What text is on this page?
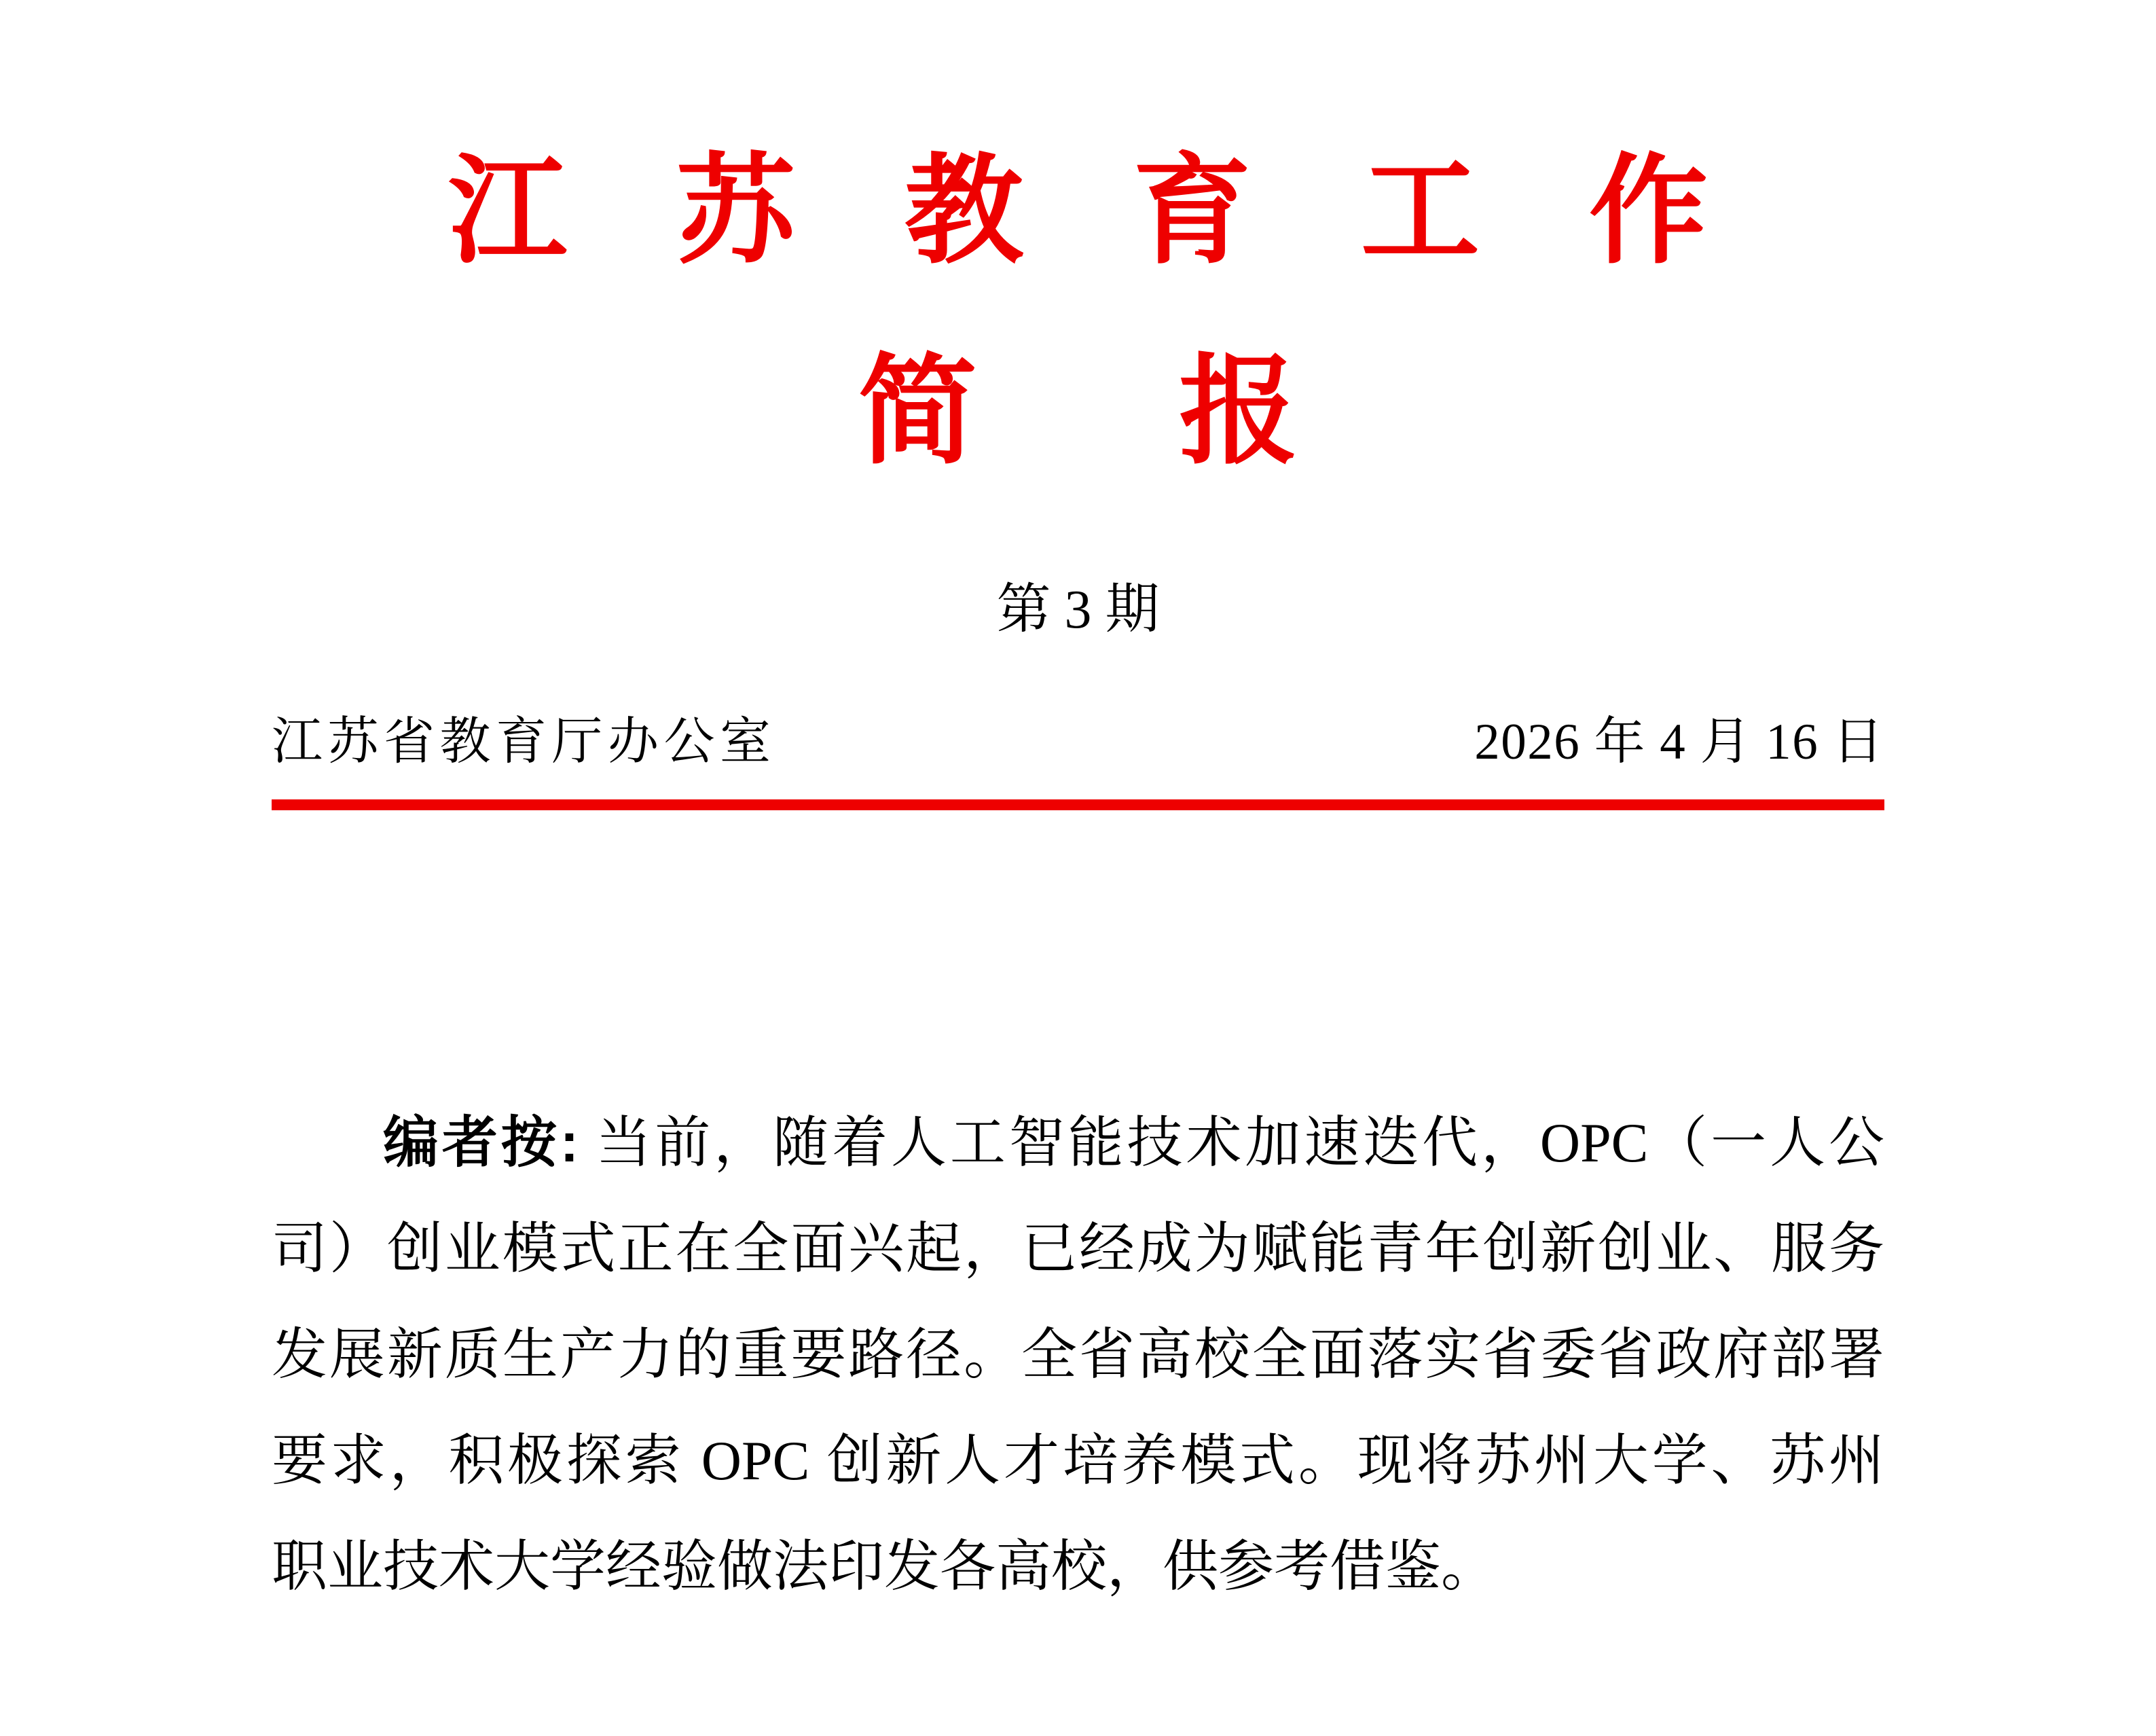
江苏教育工作
简报
第 3 期
江苏省教育厅办公室	2026 年 4 月 16 日
编者按: 当前，随着人工智能技术加速迭代，OPC（一人公
司）创业模式正在全面兴起，已经成为赋能青年创新创业、服务
发展新质生产力的重要路径。全省高校全面落实省委省政府部署
要求，积极探索 OPC 创新人才培养模式。现将苏州大学、苏州
职业技术大学经验做法印发各高校，供参考借鉴。
